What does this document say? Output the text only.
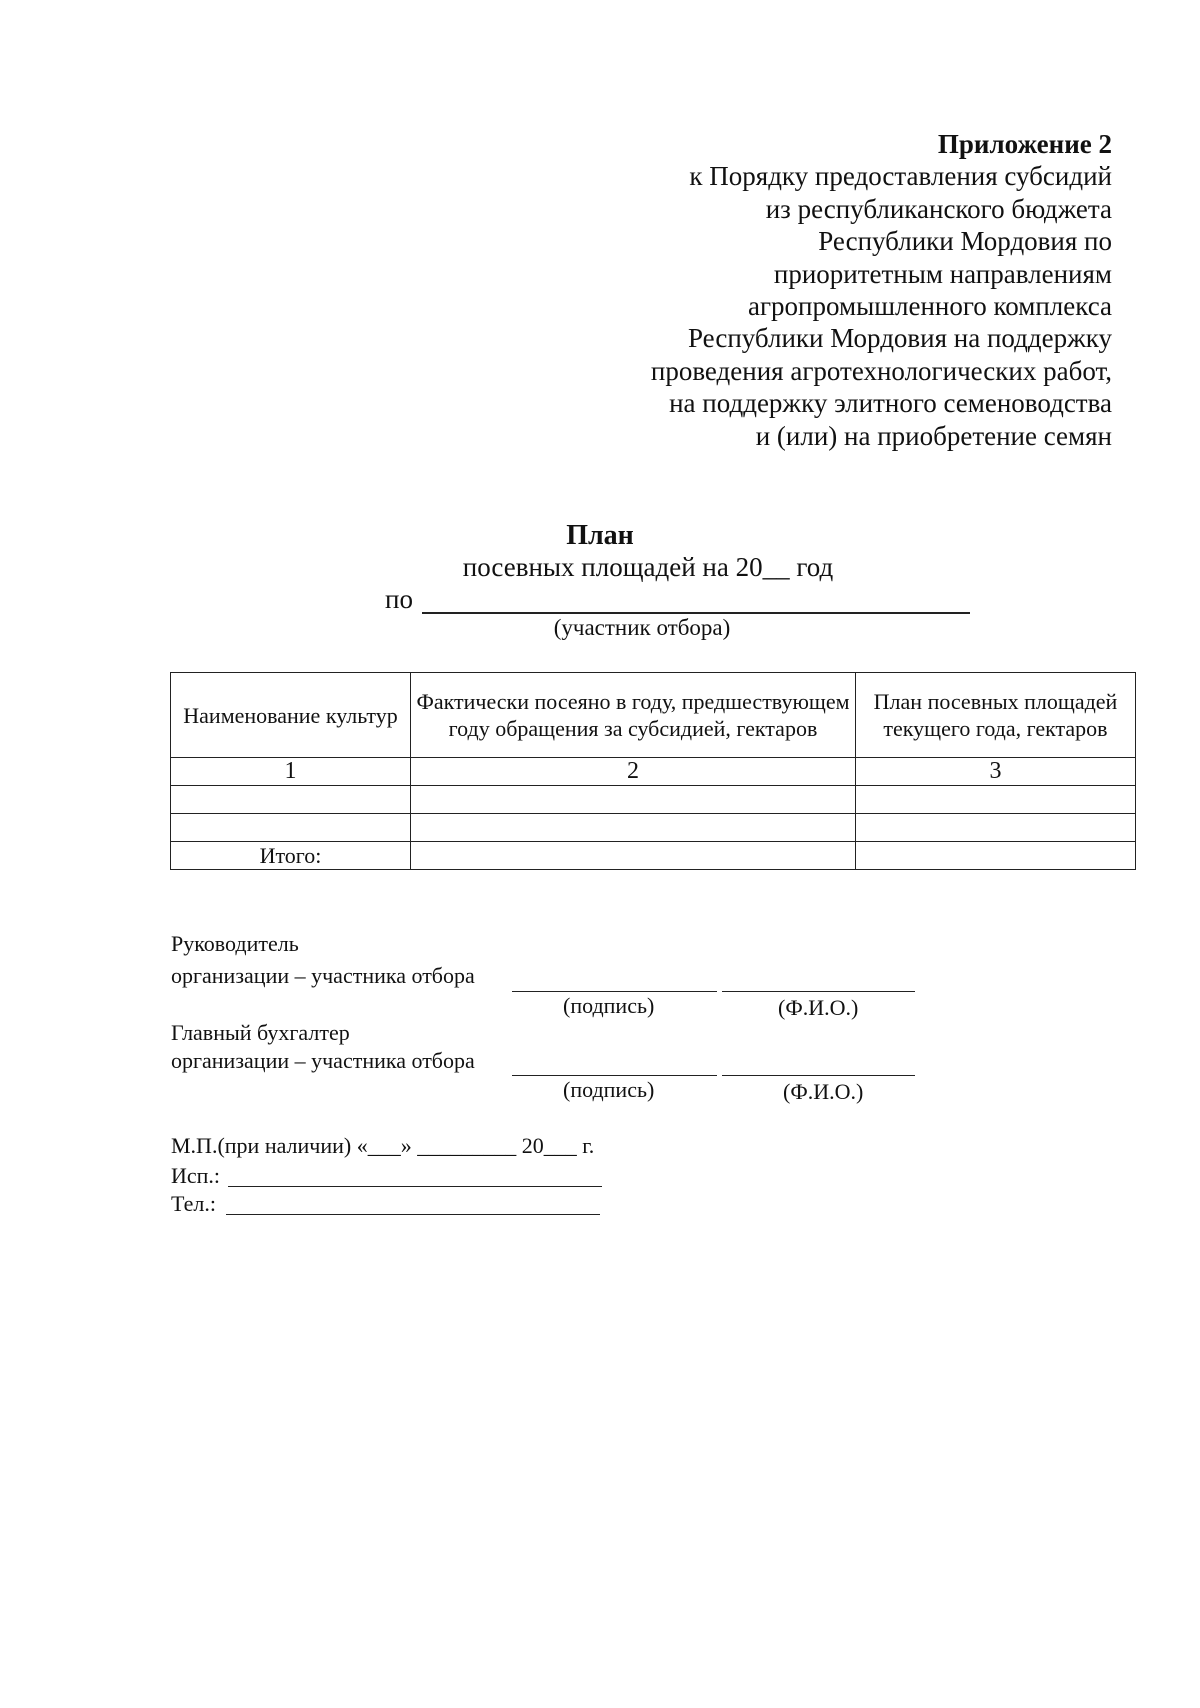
Приложение 2
к Порядку предоставления субсидий
из республиканского бюджета
Республики Мордовия по
приоритетным направлениям
агропромышленного комплекса
Республики Мордовия на поддержку
проведения агротехнологических работ,
на поддержку элитного семеноводства
и (или) на приобретение семян
План
посевных площадей на 20__ год
по
(участник отбора)
Наименование культур	Фактически посеяно в году, предшествующем году обращения за субсидией, гектаров	План посевных площадей текущего года, гектаров
1	2	3

Итого:		
Руководитель
организации – участника отбора
(подпись)	(Ф.И.О.)
Главный бухгалтер
организации – участника отбора
(подпись)	(Ф.И.О.)
М.П.(при наличии) «___» _________ 20___ г.
Исп.:
Тел.:
